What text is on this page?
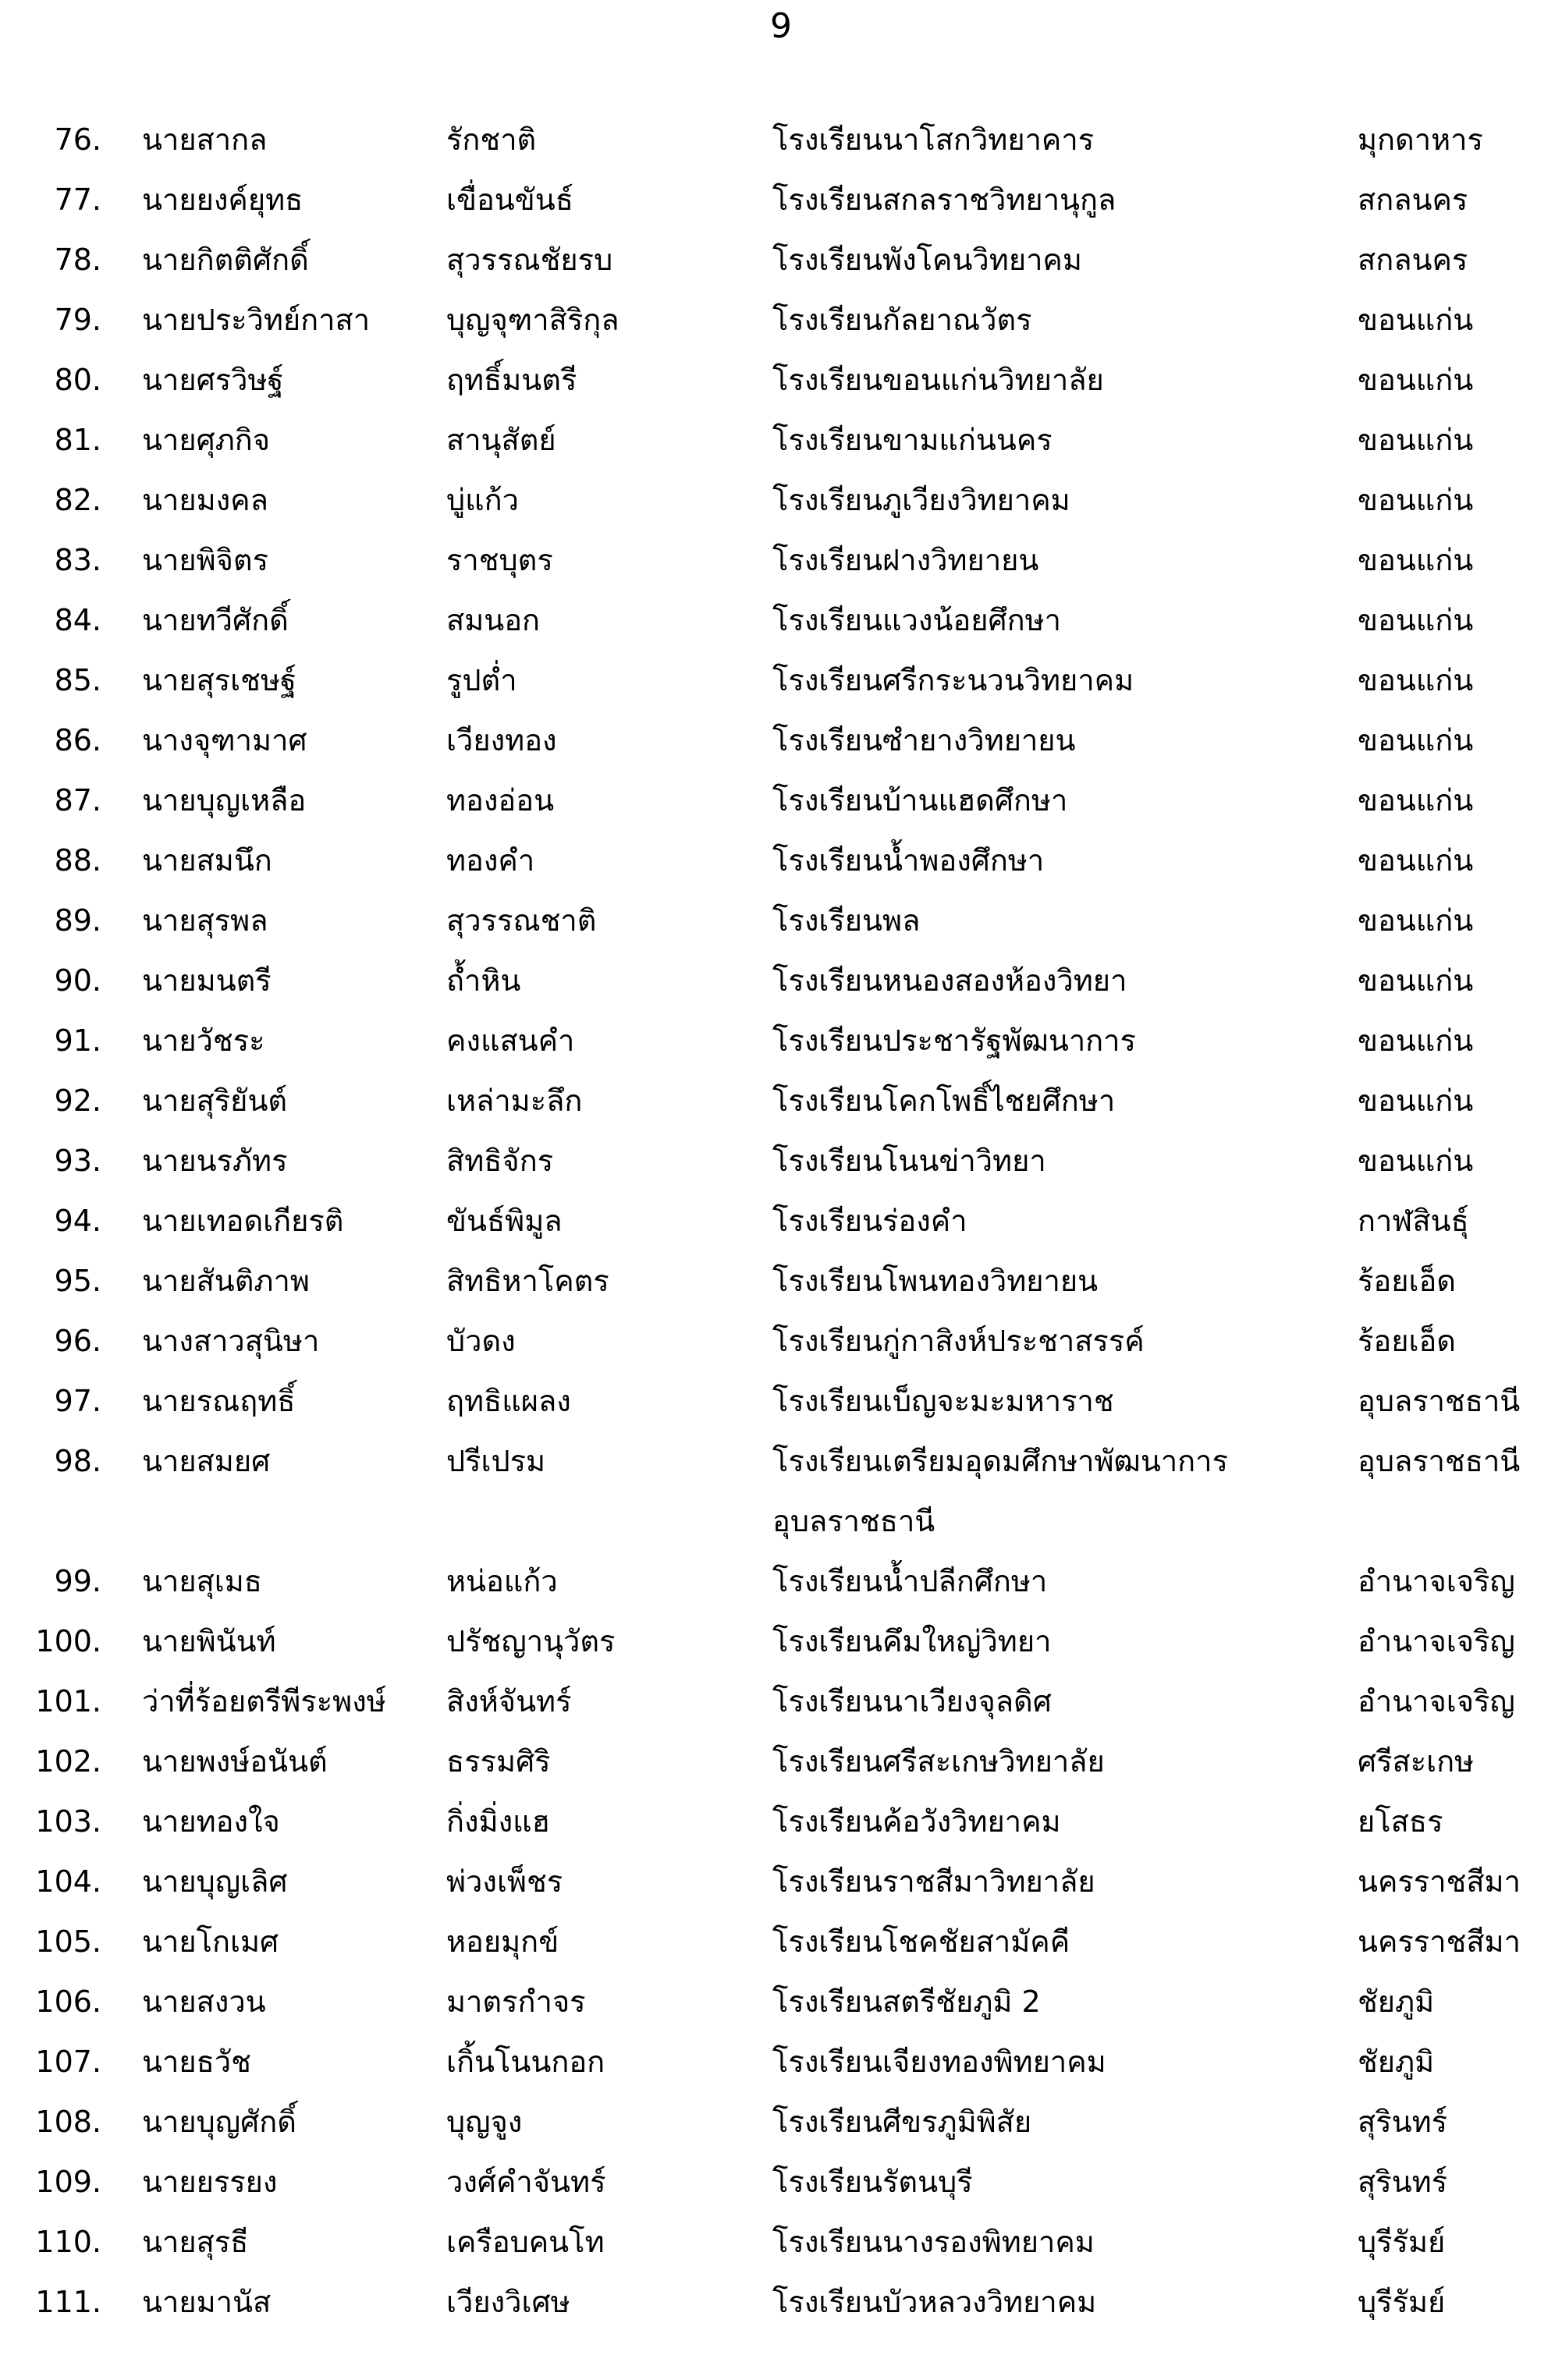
9
76.	นายสากล	รักชาติ	โรงเรียนนาโสกวิทยาคาร	มุกดาหาร
77.	นายยงค์ยุทธ	เขื่อนขันธ์	โรงเรียนสกลราชวิทยานุกูล	สกลนคร
78.	นายกิตติศักดิ์	สุวรรณชัยรบ	โรงเรียนพังโคนวิทยาคม	สกลนคร
79.	นายประวิทย์กาสา	บุญจุฑาสิริกุล	โรงเรียนกัลยาณวัตร	ขอนแก่น
80.	นายศรวิษฐ์	ฤทธิ์มนตรี	โรงเรียนขอนแก่นวิทยาลัย	ขอนแก่น
81.	นายศุภกิจ	สานุสัตย์	โรงเรียนขามแก่นนคร	ขอนแก่น
82.	นายมงคล	บู่แก้ว	โรงเรียนภูเวียงวิทยาคม	ขอนแก่น
83.	นายพิจิตร	ราชบุตร	โรงเรียนฝางวิทยายน	ขอนแก่น
84.	นายทวีศักดิ์	สมนอก	โรงเรียนแวงน้อยศึกษา	ขอนแก่น
85.	นายสุรเชษฐ์	รูปต่ำ	โรงเรียนศรีกระนวนวิทยาคม	ขอนแก่น
86.	นางจุฑามาศ	เวียงทอง	โรงเรียนซำยางวิทยายน	ขอนแก่น
87.	นายบุญเหลือ	ทองอ่อน	โรงเรียนบ้านแฮดศึกษา	ขอนแก่น
88.	นายสมนึก	ทองคำ	โรงเรียนน้ำพองศึกษา	ขอนแก่น
89.	นายสุรพล	สุวรรณชาติ	โรงเรียนพล	ขอนแก่น
90.	นายมนตรี	ถ้ำหิน	โรงเรียนหนองสองห้องวิทยา	ขอนแก่น
91.	นายวัชระ	คงแสนคำ	โรงเรียนประชารัฐพัฒนาการ	ขอนแก่น
92.	นายสุริยันต์	เหล่ามะลึก	โรงเรียนโคกโพธิ์ไชยศึกษา	ขอนแก่น
93.	นายนรภัทร	สิทธิจักร	โรงเรียนโนนข่าวิทยา	ขอนแก่น
94.	นายเทอดเกียรติ	ขันธ์พิมูล	โรงเรียนร่องคำ	กาฬสินธุ์
95.	นายสันติภาพ	สิทธิหาโคตร	โรงเรียนโพนทองวิทยายน	ร้อยเอ็ด
96.	นางสาวสุนิษา	บัวดง	โรงเรียนกู่กาสิงห์ประชาสรรค์	ร้อยเอ็ด
97.	นายรณฤทธิ์	ฤทธิแผลง	โรงเรียนเบ็ญจะมะมหาราช	อุบลราชธานี
98.	นายสมยศ	ปรีเปรม	โรงเรียนเตรียมอุดมศึกษาพัฒนาการ	อุบลราชธานี
อุบลราชธานี
99.	นายสุเมธ	หน่อแก้ว	โรงเรียนน้ำปลีกศึกษา	อำนาจเจริญ
100.	นายพินันท์	ปรัชญานุวัตร	โรงเรียนคึมใหญ่วิทยา	อำนาจเจริญ
101.	ว่าที่ร้อยตรีพีระพงษ์	สิงห์จันทร์	โรงเรียนนาเวียงจุลดิศ	อำนาจเจริญ
102.	นายพงษ์อนันต์	ธรรมศิริ	โรงเรียนศรีสะเกษวิทยาลัย	ศรีสะเกษ
103.	นายทองใจ	กิ่งมิ่งแฮ	โรงเรียนค้อวังวิทยาคม	ยโสธร
104.	นายบุญเลิศ	พ่วงเพ็ชร	โรงเรียนราชสีมาวิทยาลัย	นครราชสีมา
105.	นายโกเมศ	หอยมุกข์	โรงเรียนโชคชัยสามัคคี	นครราชสีมา
106.	นายสงวน	มาตรกำจร	โรงเรียนสตรีชัยภูมิ 2	ชัยภูมิ
107.	นายธวัช	เกิ้นโนนกอก	โรงเรียนเจียงทองพิทยาคม	ชัยภูมิ
108.	นายบุญศักดิ์	บุญจูง	โรงเรียนศีขรภูมิพิสัย	สุรินทร์
109.	นายยรรยง	วงศ์คำจันทร์	โรงเรียนรัตนบุรี	สุรินทร์
110.	นายสุรธี	เครือบคนโท	โรงเรียนนางรองพิทยาคม	บุรีรัมย์
111.	นายมานัส	เวียงวิเศษ	โรงเรียนบัวหลวงวิทยาคม	บุรีรัมย์
